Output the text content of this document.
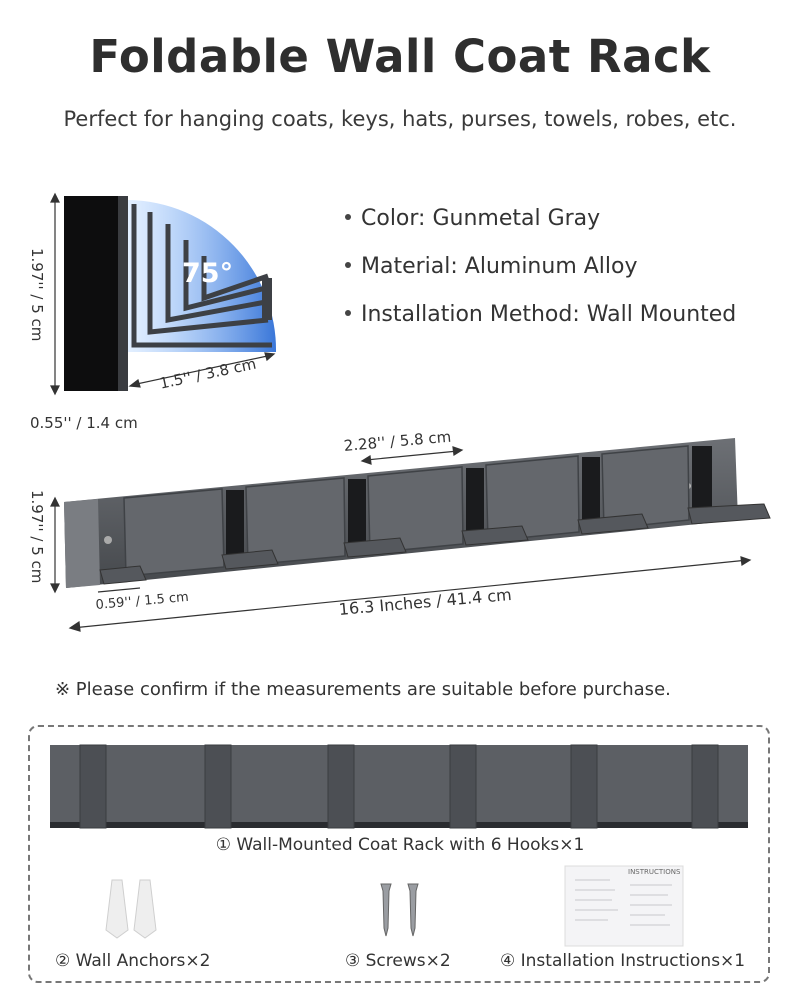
Foldable Wall Coat Rack
Perfect for hanging coats, keys, hats, purses, towels, robes, etc.
75°
1.97'' / 5 cm
1.5'' / 3.8 cm
0.55'' / 1.4 cm
Color: Gunmetal Gray
Material: Aluminum Alloy
Installation Method: Wall Mounted
2.28'' / 5.8 cm
1.97'' / 5 cm
0.59'' / 1.5 cm	16.3 Inches / 41.4 cm
※ Please confirm if the measurements are suitable before purchase.
INSTRUCTIONS
① Wall-Mounted Coat Rack with 6 Hooks×1
② Wall Anchors×2	③ Screws×2	④ Installation Instructions×1
